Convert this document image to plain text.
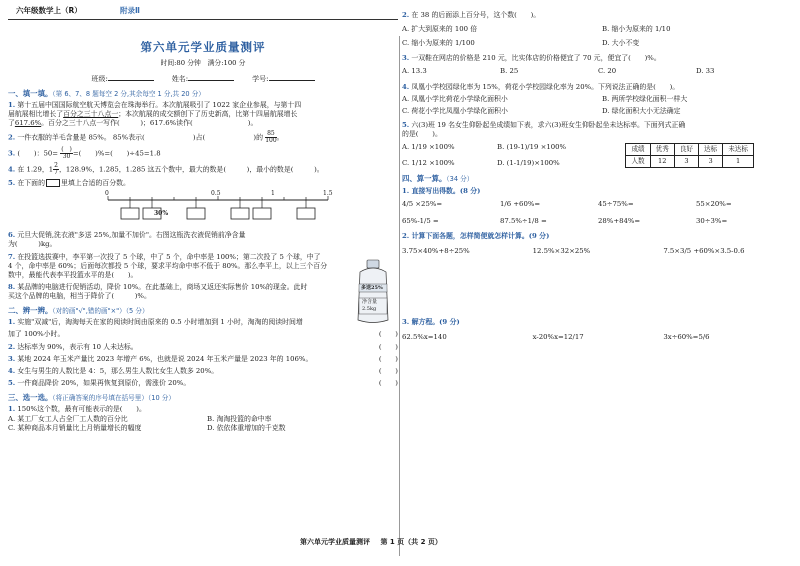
六年级数学上（R）	附录Ⅱ
第六单元学业质量测评
时间:80 分钟　满分:100 分
班级:	姓名:	学号:
一、填一填。（第 6、7、8 题每空 2 分,其余每空 1 分,共 20 分）
1. 第十五届中国国际航空航天博览会在珠海举行。本次航展吸引了 1022 家企业参展，与第十四
届航展相比增长了百分之三十八点一；本次航展的成交额创下了历史新高，比第十四届航展增长
了617.6%。百分之三十八点一写作(　　　)；617.6%读作(　　　　　　　　)。
2. 一件衣服的羊毛含量是 85%。 85%表示(　　　　　　　)占(　　　　　　　)的 $\frac{85}{100}$ 。
3. (　　)：$50= \frac{( )}{30}$ =(　　)%=(　　)÷45=1.8
4. 在 1.29，$1 \frac{2}{7}$ ，128.9%，1.285，1.285 这五个数中，最大的数是(　　　)，最小的数是(　　　)。
5. 在下面的 里填上合适的百分数。
0	0.5	1	1.5
30%
多送25%
净含量
2.5kg
6. 元旦大促销,洗衣液"多送 25%,加量不加价"。右图这瓶洗衣液促销前净含量
为(　　　)kg。
7. 在投篮选拔赛中，李平第一次投了 5 个球，中了 5 个，命中率是 100%；第二次投了 5 个球，中了
4 个，命中率是 60%；后面每次都投 5 个球，要求平均命中率不低于 80%。那么李平上，以上三个百分
数中，最能代表李平投篮水平的是(　　)。
8. 某品牌的电脑进行促销活动，降价 10%。在此基础上，商场又返还实际售价 10%的现金。此时
买这个品牌的电脑，相当于降价了(　　　)%。
二、辨一辨。（对的画"√",错的画"×"）（5 分）
1. 实施"双减"后，淘淘每天在家的阅读时间由原来的 0.5 小时增加到 1 小时，淘淘的阅读时间增
加了 100%小时。	(　　)
2. 达标率为 90%，表示有 10 人未达标。	(　　)
3. 某地 2024 年玉米产量比 2023 年增产 6%，也就是说 2024 年玉米产量是 2023 年的 106%。	(　　)
4. 女生与男生的人数比是 4：5，那么男生人数比女生人数多 20%。	(　　)
5. 一件商品降价 20%，如果再恢复到原价，需涨价 20%。	(　　)
三、选一选。（将正确答案的序号填在括号里）（10 分）
1. 150%这个数，最有可能表示的是(　　)。
A. 某工厂女工人占全厂工人数的百分比	B. 淘淘投篮的命中率
C. 某种商品本月销量比上月销量增长的幅度	D. 依依体重增加的千克数
2. 在 38 的后面添上百分号，这个数(　　)。
A. 扩大到原来的 100 倍	B. 缩小为原来的 1/10
C. 缩小为原来的 1/100	D. 大小不变
3. 一双鞋在网店的价格是 210 元，比实体店的价格便宜了 70 元，便宜了(　　)%。
A. 13.3	B. 25	C. 20	D. 33
4. 凤凰小学校园绿化率为 15%，荷花小学校园绿化率为 20%。下列说法正确的是(　　)。
A. 凤凰小学比荷花小学绿化面积小	B. 两所学校绿化面积一样大
C. 荷花小学比凤凰小学绿化面积小	D. 绿化面积大小无法确定
5. 六(3)班 19 名女生仰卧起坐成绩如下表，求六(3)班女生仰卧起坐未达标率。下面列式正确
的是(　　)。
A. 1/19 ×100%	B. (19-1)/19 ×100%
C. 1/12 ×100%	D. (1-1/19)×100%
成绩	优秀	良好	达标	未达标
人数	12	3	3	1
四、算一算。（34 分）
1. 直接写出得数。(8 分)
4/5 ×25%=	1/6 +60%=	45÷75%=	55×20%=
65%-1/5 =	87.5%÷1/8 =	28%+84%=	30÷3%=
2. 计算下面各题，怎样简便就怎样计算。(9 分)
3.75×40%+8÷25%	12.5%×32×25%	7.5×3/5 +60%×3.5-0.6
3. 解方程。(9 分)
62.5%x=140	x-20%x=12/17	3x÷60%=5/6
第六单元学业质量测评 第 1 页（共 2 页）
